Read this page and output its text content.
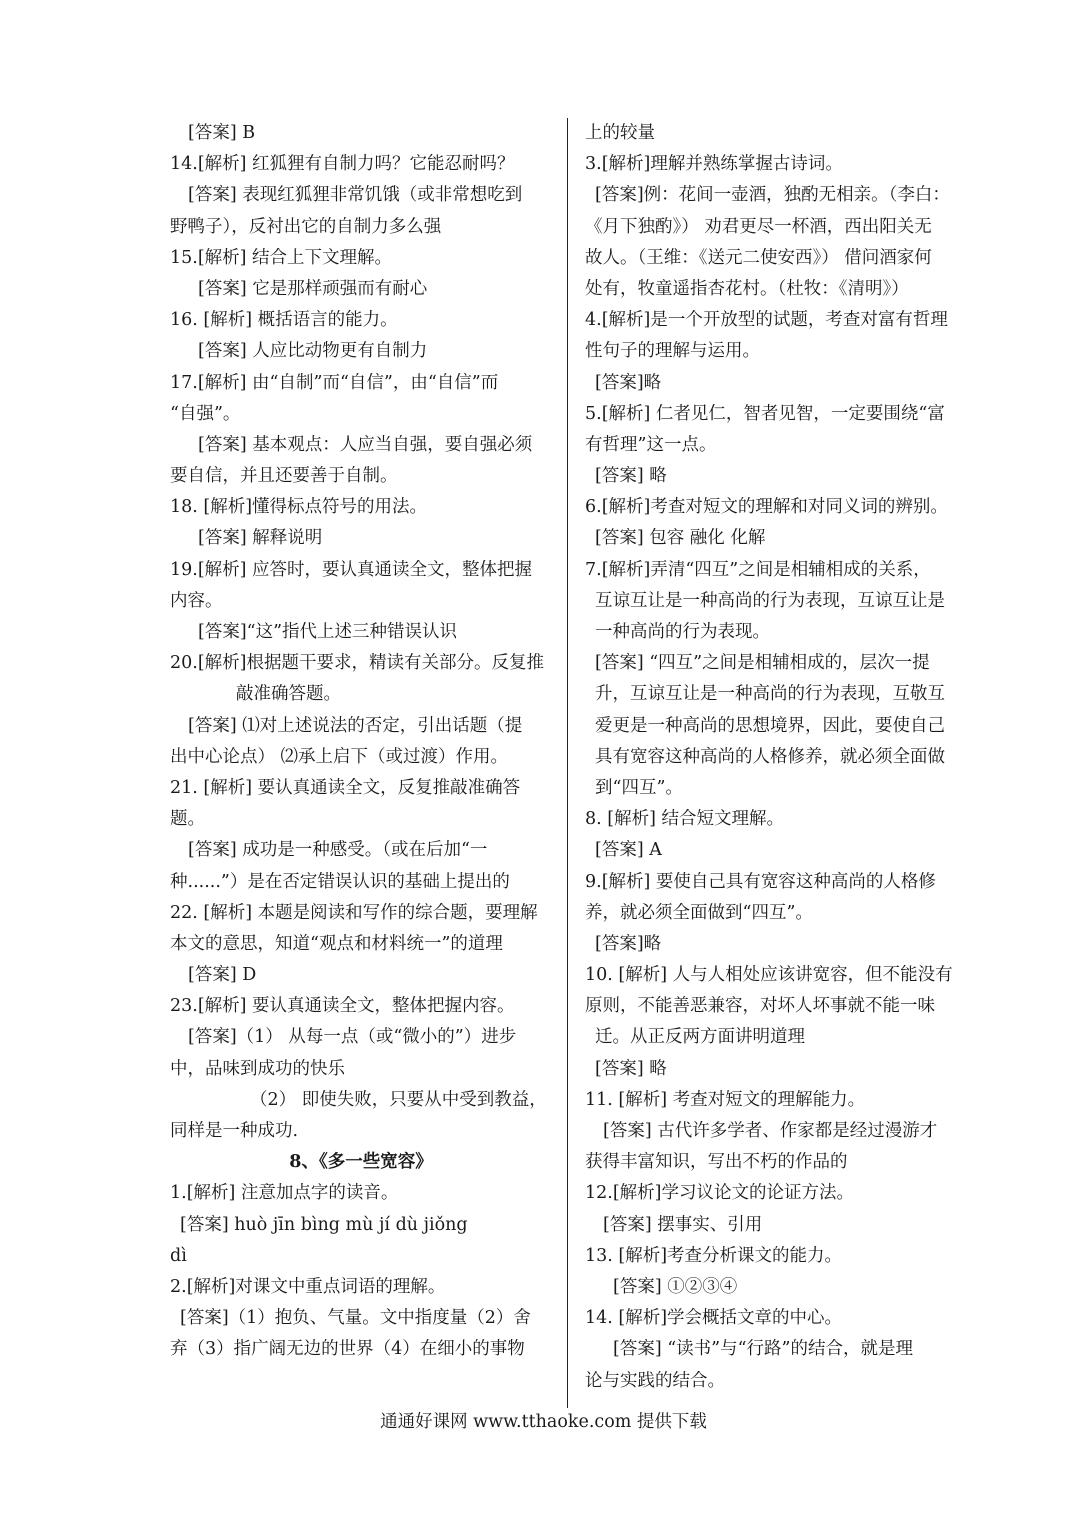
[答案] B
14.[解析] 红狐狸有自制力吗？它能忍耐吗？
[答案] 表现红狐狸非常饥饿（或非常想吃到
野鸭子），反衬出它的自制力多么强
15.[解析] 结合上下文理解。
[答案] 它是那样顽强而有耐心
16. [解析] 概括语言的能力。
[答案] 人应比动物更有自制力
17.[解析] 由“自制”而“自信”，由“自信”而
“自强”。
[答案] 基本观点：人应当自强，要自强必须
要自信，并且还要善于自制。
18. [解析]懂得标点符号的用法。
[答案] 解释说明
19.[解析] 应答时，要认真通读全文，整体把握
内容。
[答案]“这”指代上述三种错误认识
20.[解析]根据题干要求，精读有关部分。反复推
敲准确答题。
[答案] ⑴对上述说法的否定，引出话题（提
出中心论点） ⑵承上启下（或过渡）作用。
21. [解析] 要认真通读全文，反复推敲准确答
题。
[答案] 成功是一种感受。（或在后加“一
种......”）是在否定错误认识的基础上提出的
22. [解析] 本题是阅读和写作的综合题，要理解
本文的意思，知道“观点和材料统一”的道理
[答案] D
23.[解析] 要认真通读全文，整体把握内容。
[答案]（1） 从每一点（或“微小的”）进步
中，品味到成功的快乐
（2） 即使失败，只要从中受到教益，
同样是一种成功.
8、《多一些宽容》
1.[解析] 注意加点字的读音。
[答案] huò jīn bìng mù jí dù jiǒng
dì
2.[解析]对课文中重点词语的理解。
[答案]（1）抱负、气量。文中指度量（2）舍
弃（3）指广阔无边的世界（4）在细小的事物
上的较量
3.[解析]理解并熟练掌握古诗词。
[答案]例：花间一壶酒，独酌无相亲。（李白：
《月下独酌》） 劝君更尽一杯酒，西出阳关无
故人。（王维：《送元二使安西》） 借问酒家何
处有，牧童遥指杏花村。（杜牧：《清明》）
4.[解析]是一个开放型的试题，考查对富有哲理
性句子的理解与运用。
[答案]略
5.[解析] 仁者见仁，智者见智，一定要围绕“富
有哲理”这一点。
[答案] 略
6.[解析]考查对短文的理解和对同义词的辨别。
[答案] 包容 融化 化解
7.[解析]弄清“四互”之间是相辅相成的关系，
互谅互让是一种高尚的行为表现，互谅互让是
一种高尚的行为表现。
[答案] “四互”之间是相辅相成的，层次一提
升，互谅互让是一种高尚的行为表现，互敬互
爱更是一种高尚的思想境界，因此，要使自己
具有宽容这种高尚的人格修养，就必须全面做
到“四互”。
8. [解析] 结合短文理解。
[答案] A
9.[解析] 要使自己具有宽容这种高尚的人格修
养，就必须全面做到“四互”。
[答案]略
10. [解析] 人与人相处应该讲宽容，但不能没有
原则，不能善恶兼容，对坏人坏事就不能一味
迁。从正反两方面讲明道理
[答案] 略
11. [解析] 考查对短文的理解能力。
[答案] 古代许多学者、作家都是经过漫游才
获得丰富知识，写出不朽的作品的
12.[解析]学习议论文的论证方法。
[答案] 摆事实、引用
13. [解析]考查分析课文的能力。
[答案] ①②③④
14. [解析]学会概括文章的中心。
[答案] “读书”与“行路”的结合，就是理
论与实践的结合。
通通好课网 www.tthaoke.com 提供下载
